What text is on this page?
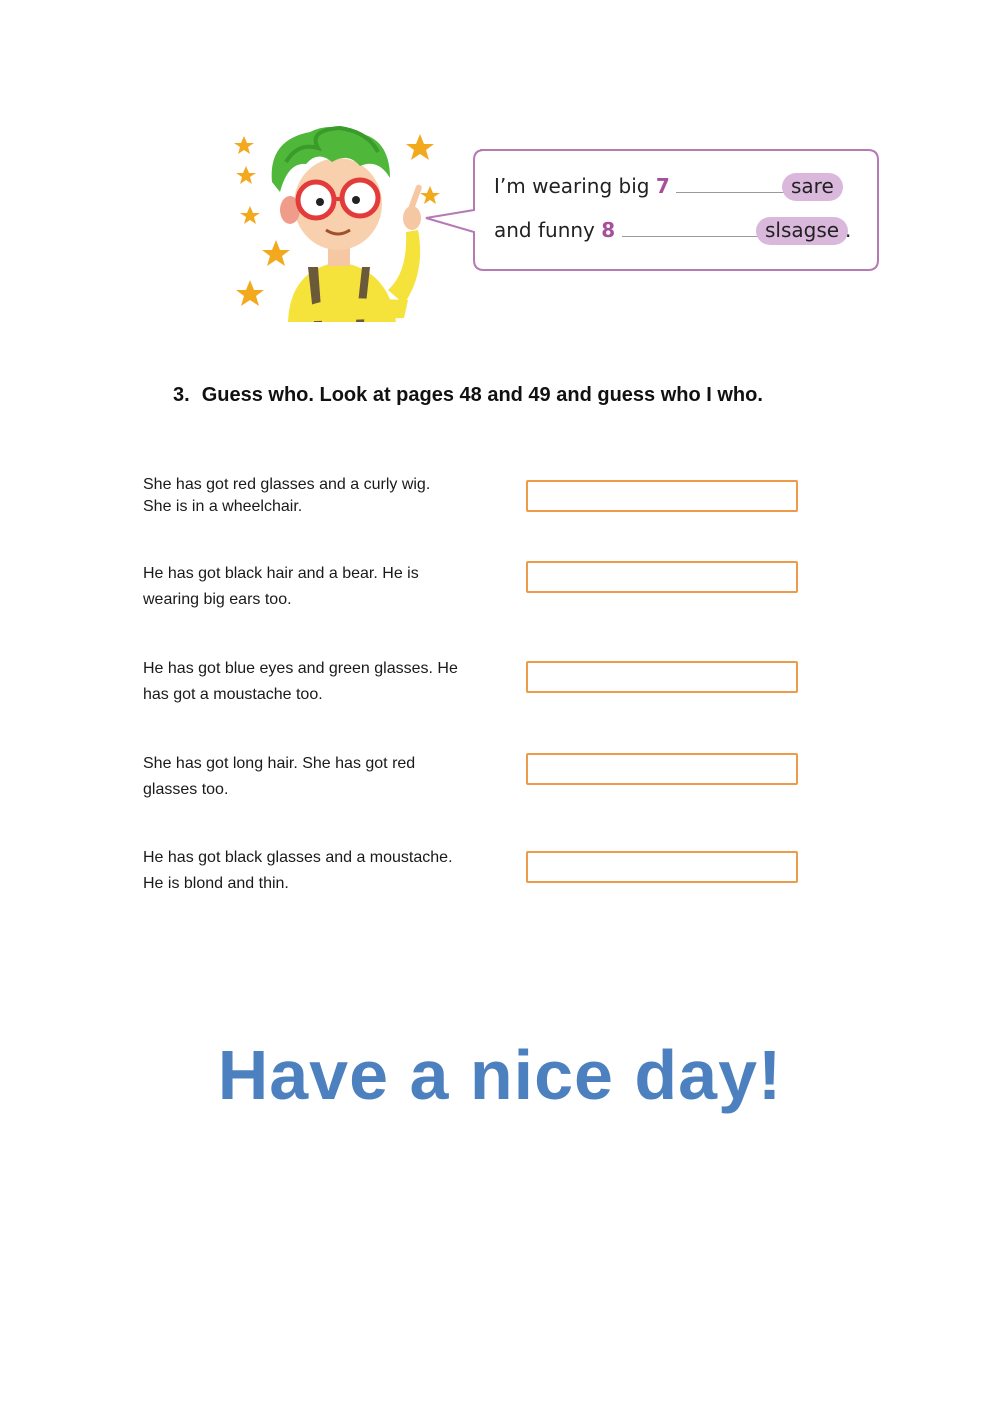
I’m wearing big 7	sare
and funny 8	slsagse .
3. Guess who. Look at pages 48 and 49 and guess who I who.
She has got red glasses and a curly wig.
She is in a wheelchair.
He has got black hair and a bear. He is
wearing big ears too.
He has got blue eyes and green glasses. He
has got a moustache too.
She has got long hair. She has got red
glasses too.
He has got black glasses and a moustache.
He is blond and thin.
Have a nice day!
